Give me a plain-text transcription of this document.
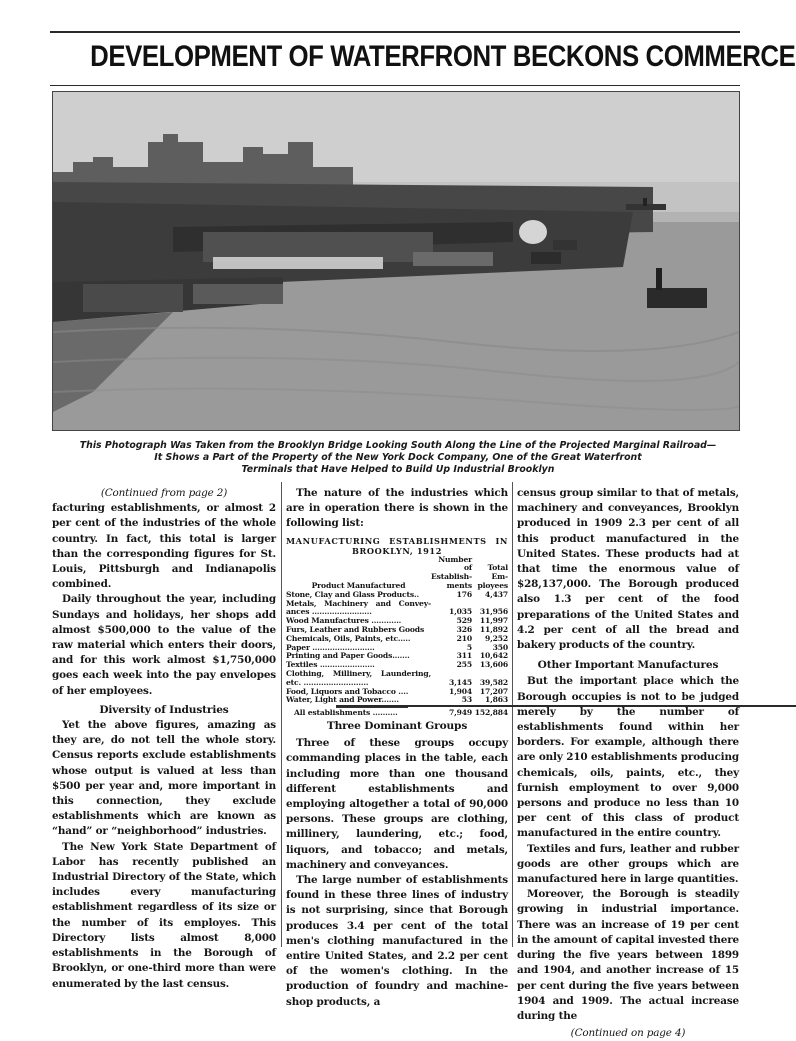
DEVELOPMENT OF WATERFRONT BECKONS COMMERCE
This Photograph Was Taken from the Brooklyn Bridge Looking South Along the Line of the Projected Marginal Railroad—
It Shows a Part of the Property of the New York Dock Company, One of the Great Waterfront
Terminals that Have Helped to Build Up Industrial Brooklyn

(Continued from page 2)

facturing establishments, or almost 2 per cent of the industries of the whole country. In fact, this total is larger than the corresponding figures for St. Louis, Pittsburgh and Indianapolis combined.

Daily throughout the year, including Sundays and holidays, her shops add almost $500,000 to the value of the raw material which enters their doors, and for this work almost $1,750,000 goes each week into the pay envelopes of her employees.

Diversity of Industries

Yet the above figures, amazing as they are, do not tell the whole story. Census reports exclude establishments whose output is valued at less than $500 per year and, more important in this connection, they exclude establishments which are known as “hand” or “neighborhood” industries.

The New York State Department of Labor has recently published an Industrial Directory of the State, which includes every manufacturing establishment regardless of its size or the number of its employes. This Directory lists almost 8,000 establishments in the Borough of Brooklyn, or one-third more than were enumerated by the last census.

The nature of the industries which are in operation there is shown in the following list:

MANUFACTURING ESTABLISHMENTS IN
BROOKLYN, 1912
Product Manufactured	Number of Establish-ments	Total Em-ployees
Stone, Clay and Glass Products..	176	4,437
Metals, Machinery and Convey-ances ........................	1,035	31,956
Wood Manufactures ............	529	11,997
Furs, Leather and Rubbers Goods	326	11,892
Chemicals, Oils, Paints, etc.....	210	9,252
Paper .........................	5	350
Printing and Paper Goods.......	311	10,642
Textiles ......................	255	13,606
Clothing, Millinery, Laundering, etc. ..........................	3,145	39,582
Food, Liquors and Tobacco ....	1,904	17,207
Water, Light and Power.......	53	1,863

All establishments ..........	7,949	152,884

Three Dominant Groups

Three of these groups occupy commanding places in the table, each including more than one thousand different establishments and employing altogether a total of 90,000 persons. These groups are clothing, millinery, laundering, etc.; food, liquors, and tobacco; and metals, machinery and conveyances.

The large number of establishments found in these three lines of industry is not surprising, since that Borough produces 3.4 per cent of the total men's clothing manufactured in the entire United States, and 2.2 per cent of the women's clothing. In the production of foundry and machine-shop products, a

census group similar to that of metals, machinery and conveyances, Brooklyn produced in 1909 2.3 per cent of all this product manufactured in the United States. These products had at that time the enormous value of $28,137,000. The Borough produced also 1.3 per cent of the food preparations of the United States and 4.2 per cent of all the bread and bakery products of the country.

Other Important Manufactures

But the important place which the Borough occupies is not to be judged merely by the number of establishments found within her borders. For example, although there are only 210 establishments producing chemicals, oils, paints, etc., they furnish employment to over 9,000 persons and produce no less than 10 per cent of this class of product manufactured in the entire country.

Textiles and furs, leather and rubber goods are other groups which are manufactured here in large quantities.

Moreover, the Borough is steadily growing in industrial importance. There was an increase of 19 per cent in the amount of capital invested there during the five years between 1899 and 1904, and another increase of 15 per cent during the five years between 1904 and 1909. The actual increase during the

(Continued on page 4)
